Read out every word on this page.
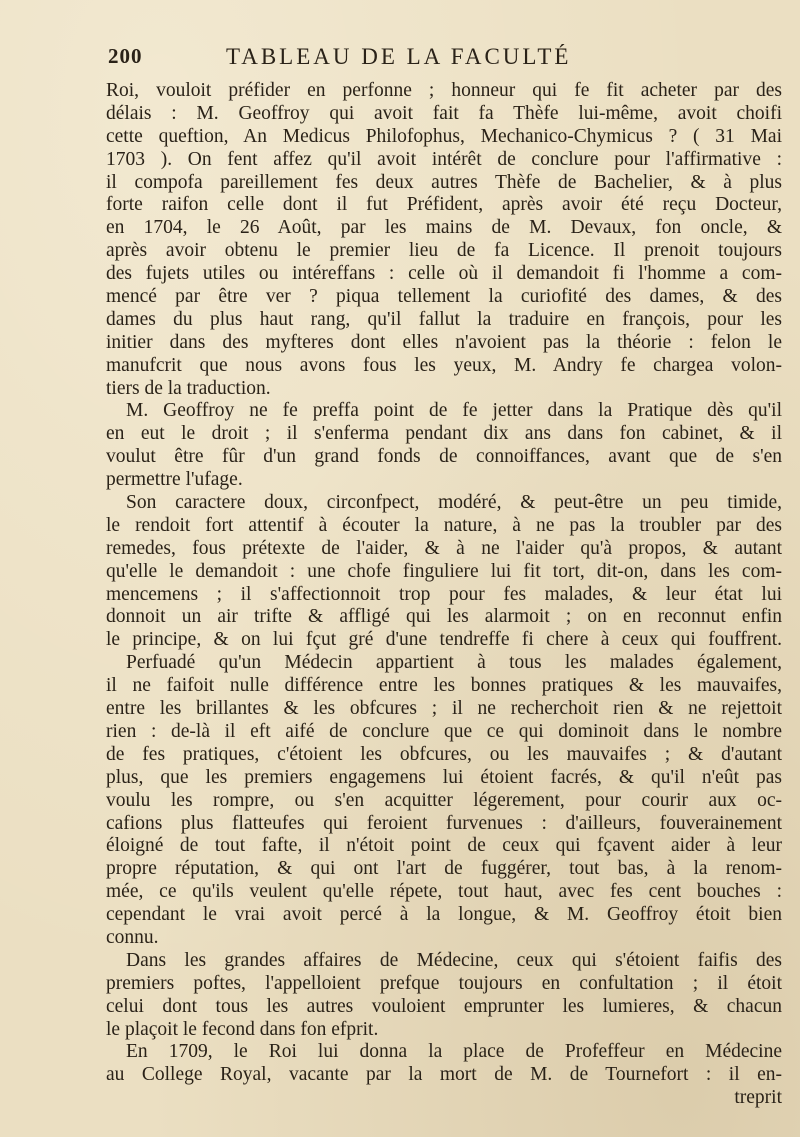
200	TABLEAU DE LA FACULTÉ
Roi, vouloit préfider en perfonne ; honneur qui fe fit acheter par des
délais : M. Geoffroy qui avoit fait fa Thèfe lui-même, avoit choifi
cette queftion, An Medicus Philofophus, Mechanico-Chymicus ? ( 31 Mai
1703 ). On fent affez qu'il avoit intérêt de conclure pour l'affirmative :
il compofa pareillement fes deux autres Thèfe de Bachelier, & à plus
forte raifon celle dont il fut Préfident, après avoir été reçu Docteur,
en 1704, le 26 Août, par les mains de M. Devaux, fon oncle, &
après avoir obtenu le premier lieu de fa Licence. Il prenoit toujours
des fujets utiles ou intéreffans : celle où il demandoit fi l'homme a com-
mencé par être ver ? piqua tellement la curiofité des dames, & des
dames du plus haut rang, qu'il fallut la traduire en françois, pour les
initier dans des myfteres dont elles n'avoient pas la théorie : felon le
manufcrit que nous avons fous les yeux, M. Andry fe chargea volon-
tiers de la traduction.
M. Geoffroy ne fe preffa point de fe jetter dans la Pratique dès qu'il
en eut le droit ; il s'enferma pendant dix ans dans fon cabinet, & il
voulut être fûr d'un grand fonds de connoiffances, avant que de s'en
permettre l'ufage.
Son caractere doux, circonfpect, modéré, & peut-être un peu timide,
le rendoit fort attentif à écouter la nature, à ne pas la troubler par des
remedes, fous prétexte de l'aider, & à ne l'aider qu'à propos, & autant
qu'elle le demandoit : une chofe finguliere lui fit tort, dit-on, dans les com-
mencemens ; il s'affectionnoit trop pour fes malades, & leur état lui
donnoit un air trifte & affligé qui les alarmoit ; on en reconnut enfin
le principe, & on lui fçut gré d'une tendreffe fi chere à ceux qui fouffrent.
Perfuadé qu'un Médecin appartient à tous les malades également,
il ne faifoit nulle différence entre les bonnes pratiques & les mauvaifes,
entre les brillantes & les obfcures ; il ne recherchoit rien & ne rejettoit
rien : de-là il eft aifé de conclure que ce qui dominoit dans le nombre
de fes pratiques, c'étoient les obfcures, ou les mauvaifes ; & d'autant
plus, que les premiers engagemens lui étoient facrés, & qu'il n'eût pas
voulu les rompre, ou s'en acquitter légerement, pour courir aux oc-
cafions plus flatteufes qui feroient furvenues : d'ailleurs, fouverainement
éloigné de tout fafte, il n'étoit point de ceux qui fçavent aider à leur
propre réputation, & qui ont l'art de fuggérer, tout bas, à la renom-
mée, ce qu'ils veulent qu'elle répete, tout haut, avec fes cent bouches :
cependant le vrai avoit percé à la longue, & M. Geoffroy étoit bien
connu.
Dans les grandes affaires de Médecine, ceux qui s'étoient faifis des
premiers poftes, l'appelloient prefque toujours en confultation ; il étoit
celui dont tous les autres vouloient emprunter les lumieres, & chacun
le plaçoit le fecond dans fon efprit.
En 1709, le Roi lui donna la place de Profeffeur en Médecine
au College Royal, vacante par la mort de M. de Tournefort : il en-
treprit
